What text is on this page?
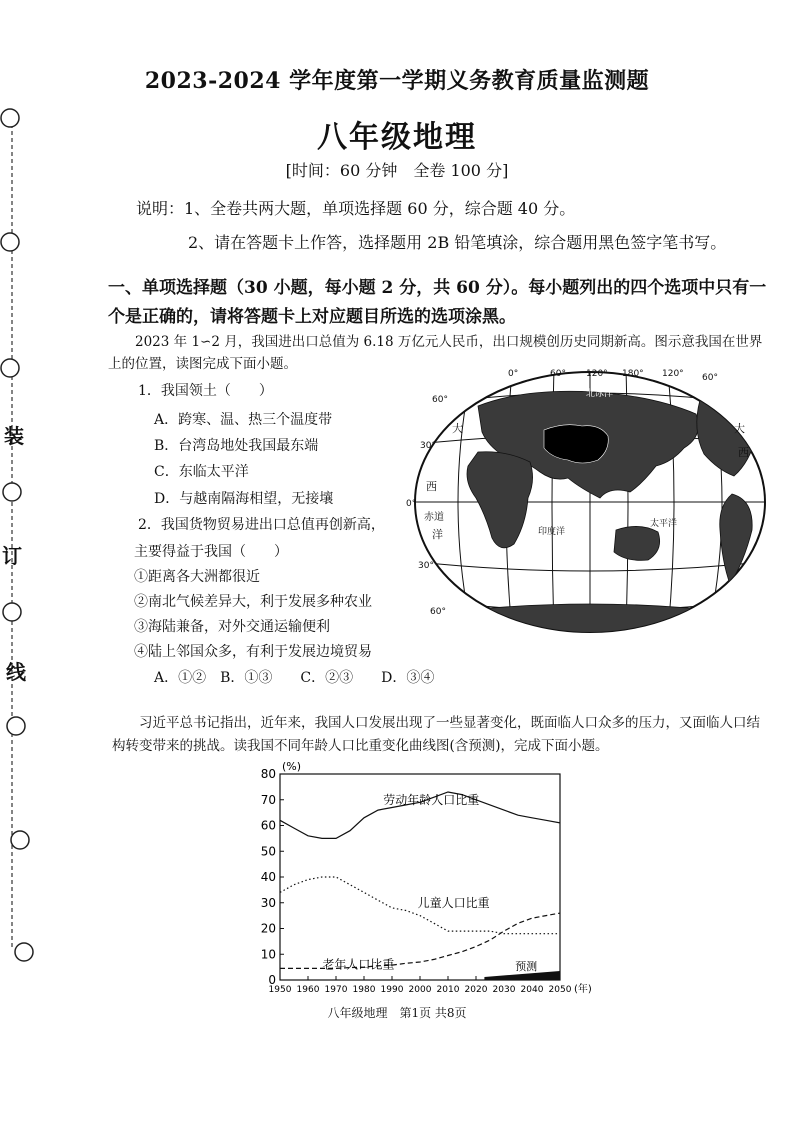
装
订
线
2023-2024 学年度第一学期义务教育质量监测题
八年级地理
[时间：60 分钟　全卷 100 分]
说明：1、全卷共两大题，单项选择题 60 分，综合题 40 分。
2、请在答题卡上作答，选择题用 2B 铅笔填涂，综合题用黑色签字笔书写。
一、单项选择题（30 小题，每小题 2 分，共 60 分）。每小题列出的四个选项中只有一个是正确的，请将答题卡上对应题目所选的选项涂黑。
2023 年 1∽2 月，我国进出口总值为 6.18 万亿元人民币，出口规模创历史同期新高。图示意我国在世界上的位置，读图完成下面小题。
1．我国领土（　　）
A．跨寒、温、热三个温度带
B．台湾岛地处我国最东端
C．东临太平洋
D．与越南隔海相望，无接壤
2．我国货物贸易进出口总值再创新高，
主要得益于我国（　　）
①距离各大洲都很近
②南北气候差异大，利于发展多种农业
③海陆兼备，对外交通运输便利
④陆上邻国众多，有利于发展边境贸易
A．①②　B．①③　　C．②③　　D．③④
0°	60° 120° 180° 120° 60°
60°
30°
0°
30°
60°
北冰洋
太平洋
印度洋
大
西
赤道
洋
大
西
习近平总书记指出，近年来，我国人口发展出现了一些显著变化，既面临人口众多的压力，又面临人口结构转变带来的挑战。读我国不同年龄人口比重变化曲线图(含预测)，完成下面小题。
0
10
20
30
40
50
60
70
80
1950 1960 1970 1980 1990 2000 2010 2020 2030 2040 2050
(%)
(年)
预测
劳动年龄人口比重
儿童人口比重
老年人口比重
八年级地理　第1页 共8页
